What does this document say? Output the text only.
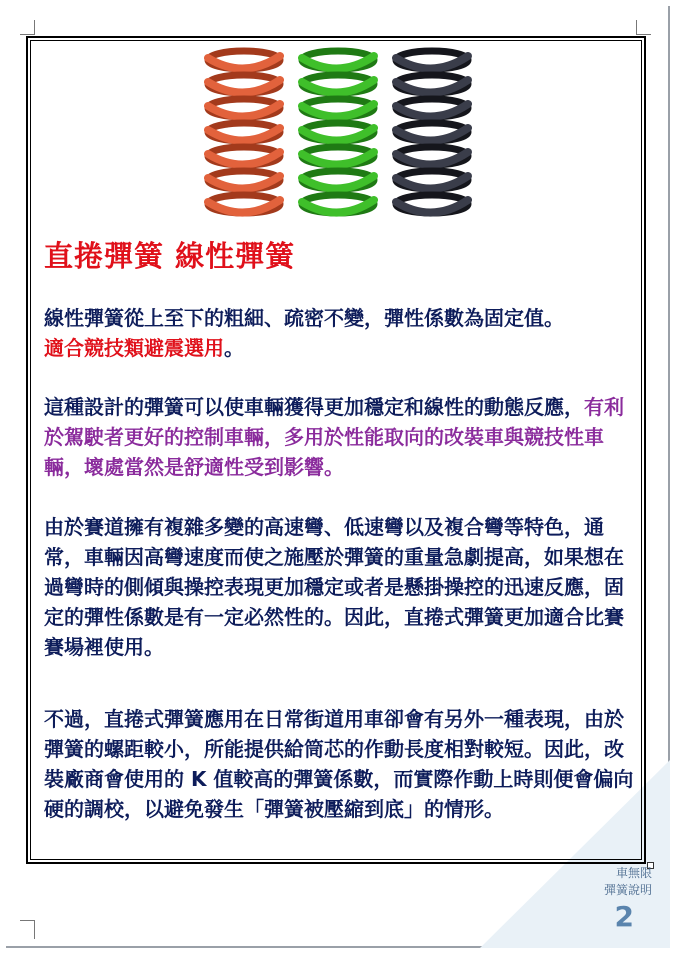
直捲彈簧 線性彈簧
線性彈簧從上至下的粗細、疏密不變，彈性係數為固定值。
適合競技類避震選用。
這種設計的彈簧可以使車輛獲得更加穩定和線性的動態反應，有利於駕駛者更好的控制車輛，多用於性能取向的改裝車與競技性車輛，壞處當然是舒適性受到影響。
由於賽道擁有複雜多變的高速彎、低速彎以及複合彎等特色，通常，車輛因高彎速度而使之施壓於彈簧的重量急劇提高，如果想在過彎時的側傾與操控表現更加穩定或者是懸掛操控的迅速反應，固定的彈性係數是有一定必然性的。因此，直捲式彈簧更加適合比賽賽場裡使用。
不過，直捲式彈簧應用在日常街道用車卻會有另外一種表現，由於彈簧的螺距較小，所能提供給筒芯的作動長度相對較短。因此，改裝廠商會使用的 K 值較高的彈簧係數，而實際作動上時則便會偏向硬的調校，以避免發生「彈簧被壓縮到底」的情形。
車無限
彈簧說明
2
